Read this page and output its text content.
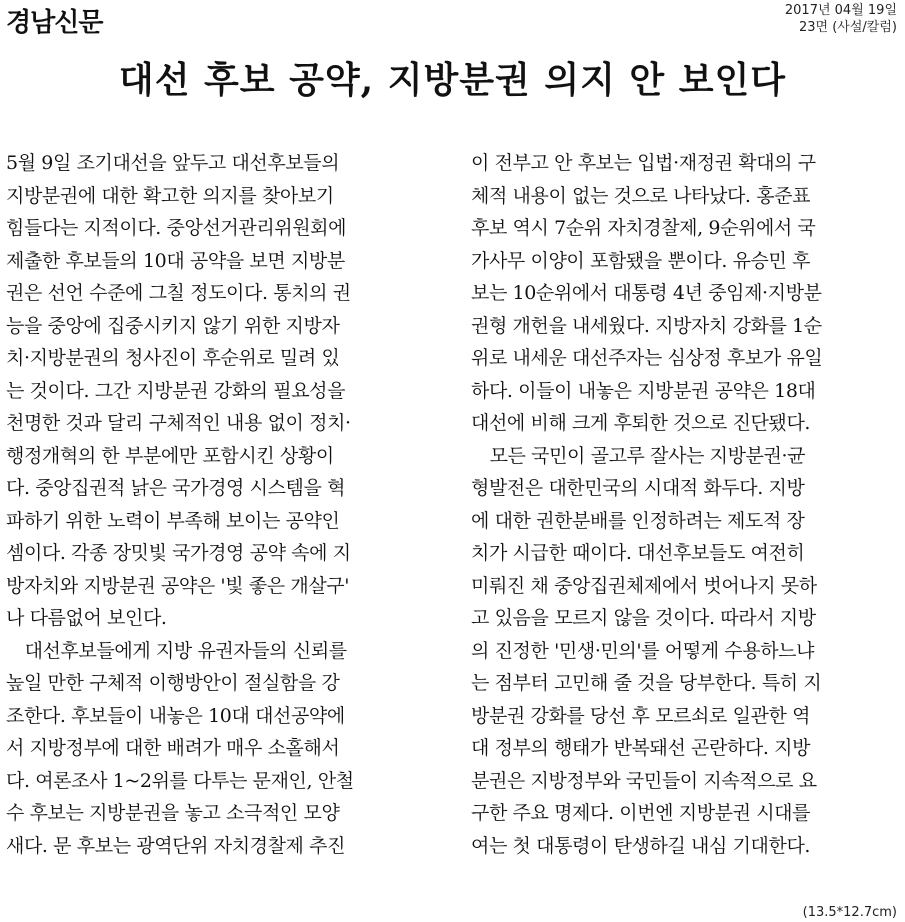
경남신문	2017년 04월 19일
23면 (사설/칼럼)
대선 후보 공약, 지방분권 의지 안 보인다
5월 9일 조기대선을 앞두고 대선후보들의
지방분권에 대한 확고한 의지를 찾아보기
힘들다는 지적이다. 중앙선거관리위원회에
제출한 후보들의 10대 공약을 보면 지방분
권은 선언 수준에 그칠 정도이다. 통치의 권
능을 중앙에 집중시키지 않기 위한 지방자
치·지방분권의 청사진이 후순위로 밀려 있
는 것이다. 그간 지방분권 강화의 필요성을
천명한 것과 달리 구체적인 내용 없이 정치·
행정개혁의 한 부분에만 포함시킨 상황이
다. 중앙집권적 낡은 국가경영 시스템을 혁
파하기 위한 노력이 부족해 보이는 공약인
셈이다. 각종 장밋빛 국가경영 공약 속에 지
방자치와 지방분권 공약은 '빛 좋은 개살구'
나 다름없어 보인다.
　대선후보들에게 지방 유권자들의 신뢰를
높일 만한 구체적 이행방안이 절실함을 강
조한다. 후보들이 내놓은 10대 대선공약에
서 지방정부에 대한 배려가 매우 소홀해서
다. 여론조사 1~2위를 다투는 문재인, 안철
수 후보는 지방분권을 놓고 소극적인 모양
새다. 문 후보는 광역단위 자치경찰제 추진
이 전부고 안 후보는 입법·재정권 확대의 구
체적 내용이 없는 것으로 나타났다. 홍준표
후보 역시 7순위 자치경찰제, 9순위에서 국
가사무 이양이 포함됐을 뿐이다. 유승민 후
보는 10순위에서 대통령 4년 중임제·지방분
권형 개헌을 내세웠다. 지방자치 강화를 1순
위로 내세운 대선주자는 심상정 후보가 유일
하다. 이들이 내놓은 지방분권 공약은 18대
대선에 비해 크게 후퇴한 것으로 진단됐다.
　모든 국민이 골고루 잘사는 지방분권·균
형발전은 대한민국의 시대적 화두다. 지방
에 대한 권한분배를 인정하려는 제도적 장
치가 시급한 때이다. 대선후보들도 여전히
미뤄진 채 중앙집권체제에서 벗어나지 못하
고 있음을 모르지 않을 것이다. 따라서 지방
의 진정한 '민생·민의'를 어떻게 수용하느냐
는 점부터 고민해 줄 것을 당부한다. 특히 지
방분권 강화를 당선 후 모르쇠로 일관한 역
대 정부의 행태가 반복돼선 곤란하다. 지방
분권은 지방정부와 국민들이 지속적으로 요
구한 주요 명제다. 이번엔 지방분권 시대를
여는 첫 대통령이 탄생하길 내심 기대한다.
(13.5*12.7cm)
